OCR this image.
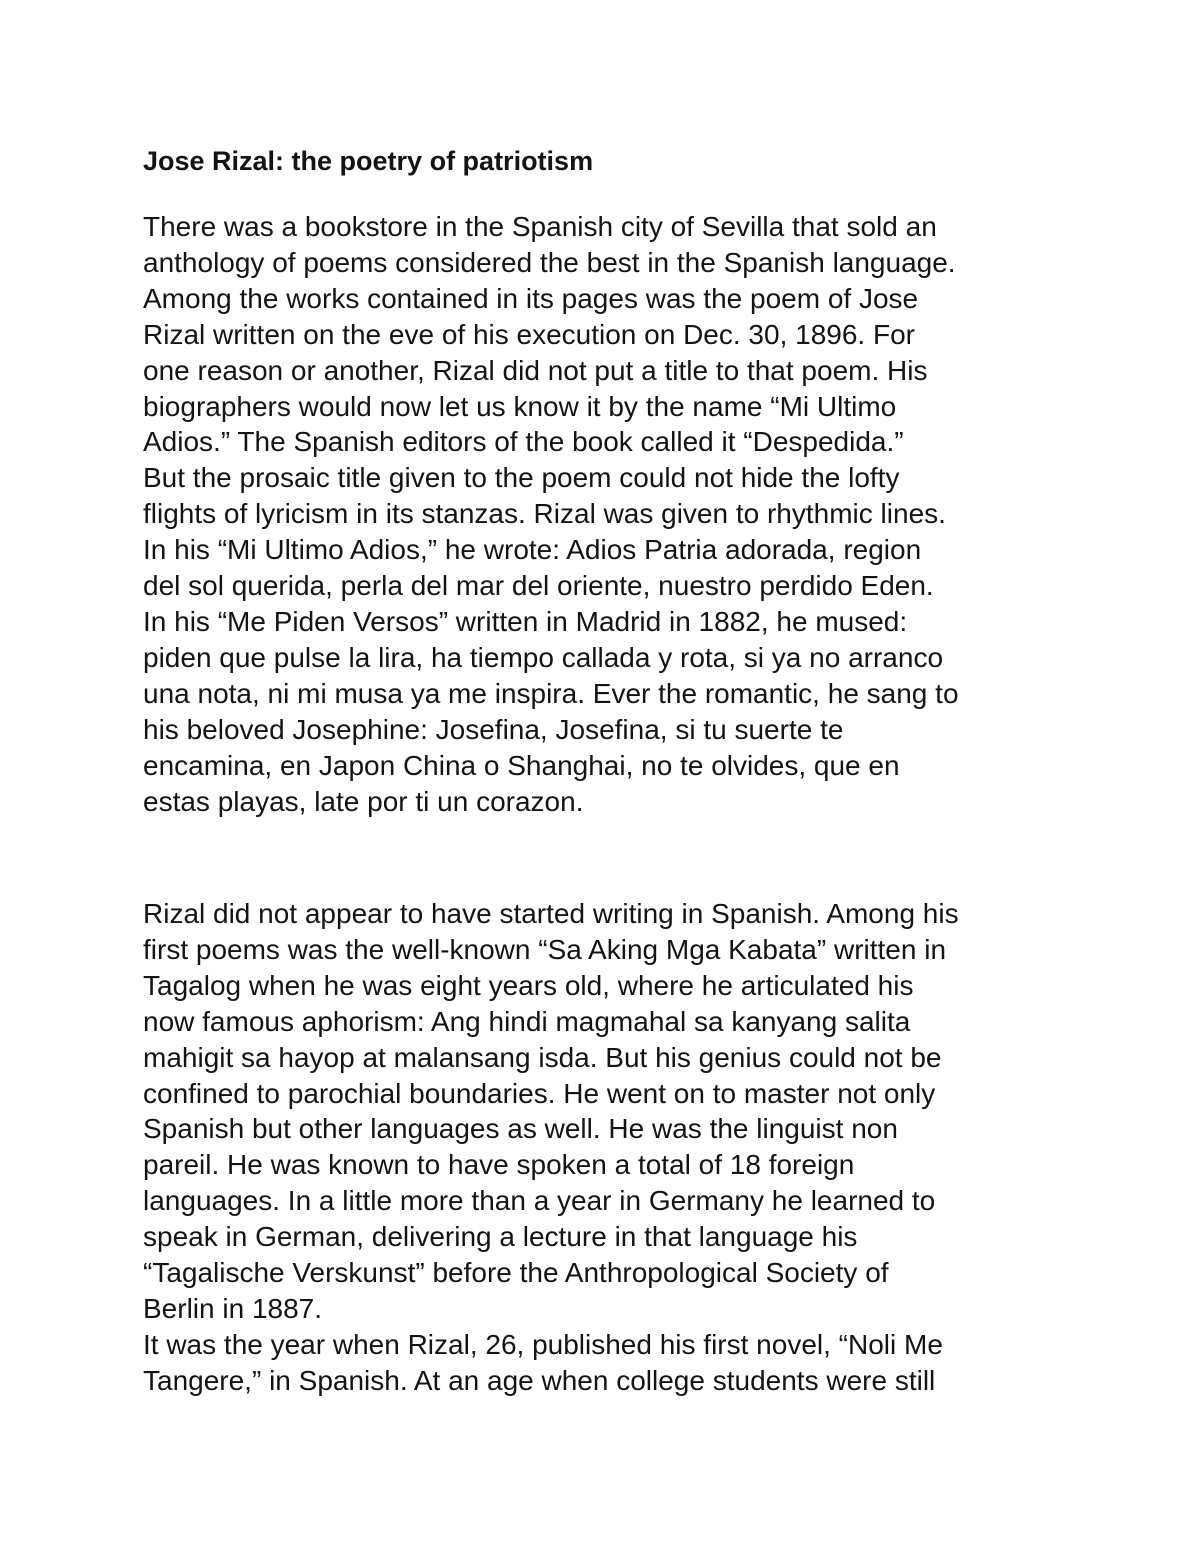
Jose Rizal: the poetry of patriotism
There was a bookstore in the Spanish city of Sevilla that sold an
anthology of poems considered the best in the Spanish language.
Among the works contained in its pages was the poem of Jose
Rizal written on the eve of his execution on Dec. 30, 1896. For
one reason or another, Rizal did not put a title to that poem. His
biographers would now let us know it by the name “Mi Ultimo
Adios.” The Spanish editors of the book called it “Despedida.”
But the prosaic title given to the poem could not hide the lofty
flights of lyricism in its stanzas. Rizal was given to rhythmic lines.
In his “Mi Ultimo Adios,” he wrote: Adios Patria adorada, region
del sol querida, perla del mar del oriente, nuestro perdido Eden.
In his “Me Piden Versos” written in Madrid in 1882, he mused:
piden que pulse la lira, ha tiempo callada y rota, si ya no arranco
una nota, ni mi musa ya me inspira. Ever the romantic, he sang to
his beloved Josephine: Josefina, Josefina, si tu suerte te
encamina, en Japon China o Shanghai, no te olvides, que en
estas playas, late por ti un corazon.
Rizal did not appear to have started writing in Spanish. Among his
first poems was the well-known “Sa Aking Mga Kabata” written in
Tagalog when he was eight years old, where he articulated his
now famous aphorism: Ang hindi magmahal sa kanyang salita
mahigit sa hayop at malansang isda. But his genius could not be
confined to parochial boundaries. He went on to master not only
Spanish but other languages as well. He was the linguist non
pareil. He was known to have spoken a total of 18 foreign
languages. In a little more than a year in Germany he learned to
speak in German, delivering a lecture in that language his
“Tagalische Verskunst” before the Anthropological Society of
Berlin in 1887.
It was the year when Rizal, 26, published his first novel, “Noli Me
Tangere,” in Spanish. At an age when college students were still
